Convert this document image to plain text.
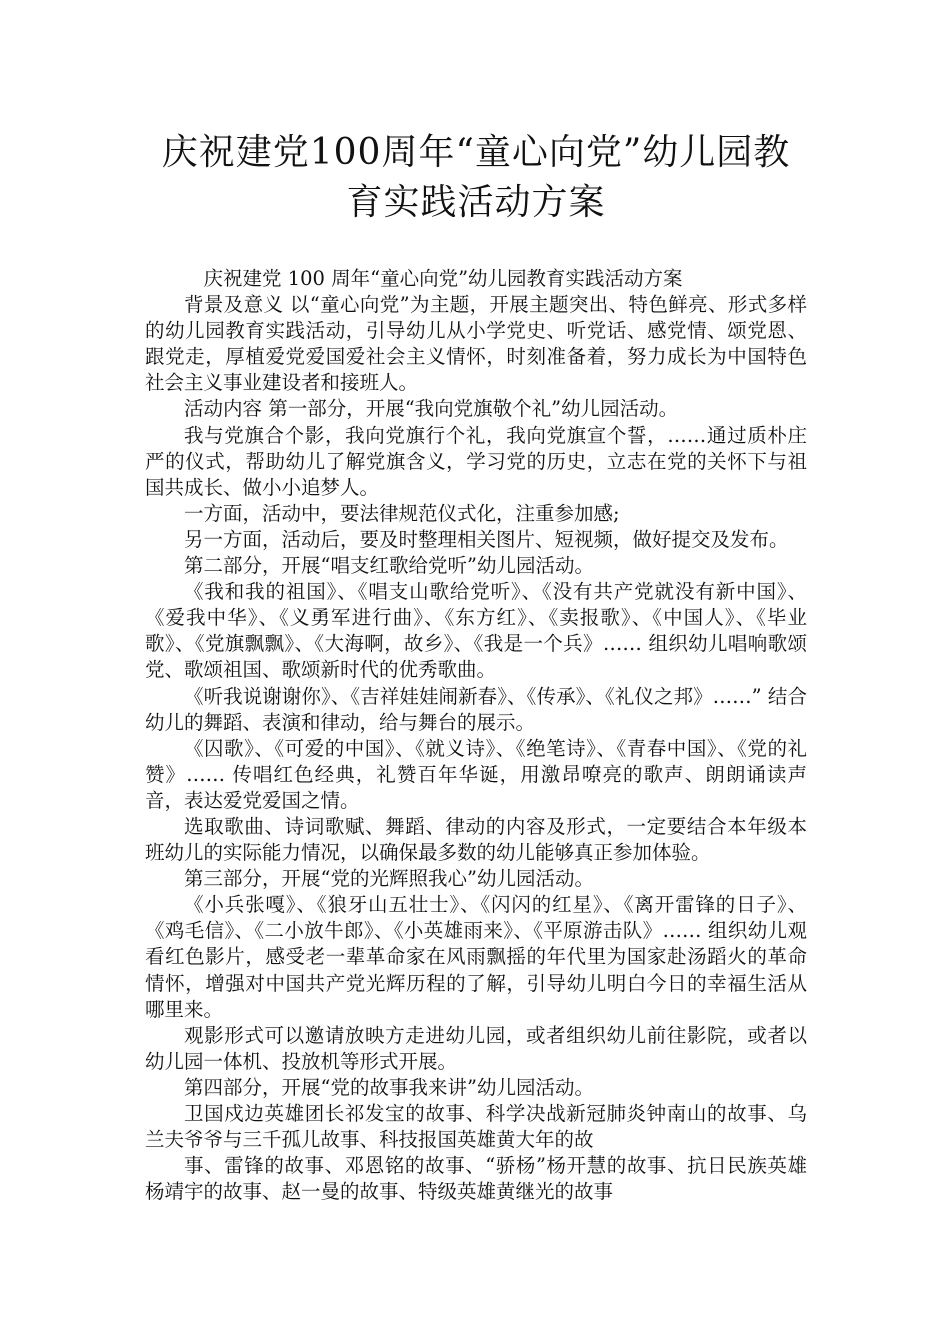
庆祝建党100周年“童心向党”幼儿园教
育实践活动方案

庆祝建党 100 周年“童心向党”幼儿园教育实践活动方案

背景及意义 以“童心向党”为主题，开展主题突出、特色鲜亮、形式多样的幼儿园教育实践活动，引导幼儿从小学党史、听党话、感党情、颂党恩、跟党走，厚植爱党爱国爱社会主义情怀，时刻准备着，努力成长为中国特色社会主义事业建设者和接班人。

活动内容 第一部分，开展“我向党旗敬个礼”幼儿园活动。

我与党旗合个影，我向党旗行个礼，我向党旗宣个誓，……通过质朴庄严的仪式，帮助幼儿了解党旗含义，学习党的历史，立志在党的关怀下与祖国共成长、做小小追梦人。

一方面，活动中，要法律规范仪式化，注重参加感;

另一方面，活动后，要及时整理相关图片、短视频，做好提交及发布。

第二部分，开展“唱支红歌给党听”幼儿园活动。

《我和我的祖国》、《唱支山歌给党听》、《没有共产党就没有新中国》、《爱我中华》、《义勇军进行曲》、《东方红》、《卖报歌》、《中国人》、《毕业歌》、《党旗飘飘》、《大海啊，故乡》、《我是一个兵》…… 组织幼儿唱响歌颂党、歌颂祖国、歌颂新时代的优秀歌曲。

《听我说谢谢你》、《吉祥娃娃闹新春》、《传承》、《礼仪之邦》……” 结合幼儿的舞蹈、表演和律动，给与舞台的展示。

《囚歌》、《可爱的中国》、《就义诗》、《绝笔诗》、《青春中国》、《党的礼赞》…… 传唱红色经典，礼赞百年华诞，用激昂嘹亮的歌声、朗朗诵读声音，表达爱党爱国之情。

选取歌曲、诗词歌赋、舞蹈、律动的内容及形式，一定要结合本年级本班幼儿的实际能力情况，以确保最多数的幼儿能够真正参加体验。

第三部分，开展“党的光辉照我心”幼儿园活动。

《小兵张嘎》、《狼牙山五壮士》、《闪闪的红星》、《离开雷锋的日子》、《鸡毛信》、《二小放牛郎》、《小英雄雨来》、《平原游击队》…… 组织幼儿观看红色影片，感受老一辈革命家在风雨飘摇的年代里为国家赴汤蹈火的革命情怀，增强对中国共产党光辉历程的了解，引导幼儿明白今日的幸福生活从哪里来。

观影形式可以邀请放映方走进幼儿园，或者组织幼儿前往影院，或者以幼儿园一体机、投放机等形式开展。

第四部分，开展“党的故事我来讲”幼儿园活动。

卫国戍边英雄团长祁发宝的故事、科学决战新冠肺炎钟南山的故事、乌兰夫爷爷与三千孤儿故事、科技报国英雄黄大年的故

事、雷锋的故事、邓恩铭的故事、“骄杨”杨开慧的故事、抗日民族英雄杨靖宇的故事、赵一曼的故事、特级英雄黄继光的故事
